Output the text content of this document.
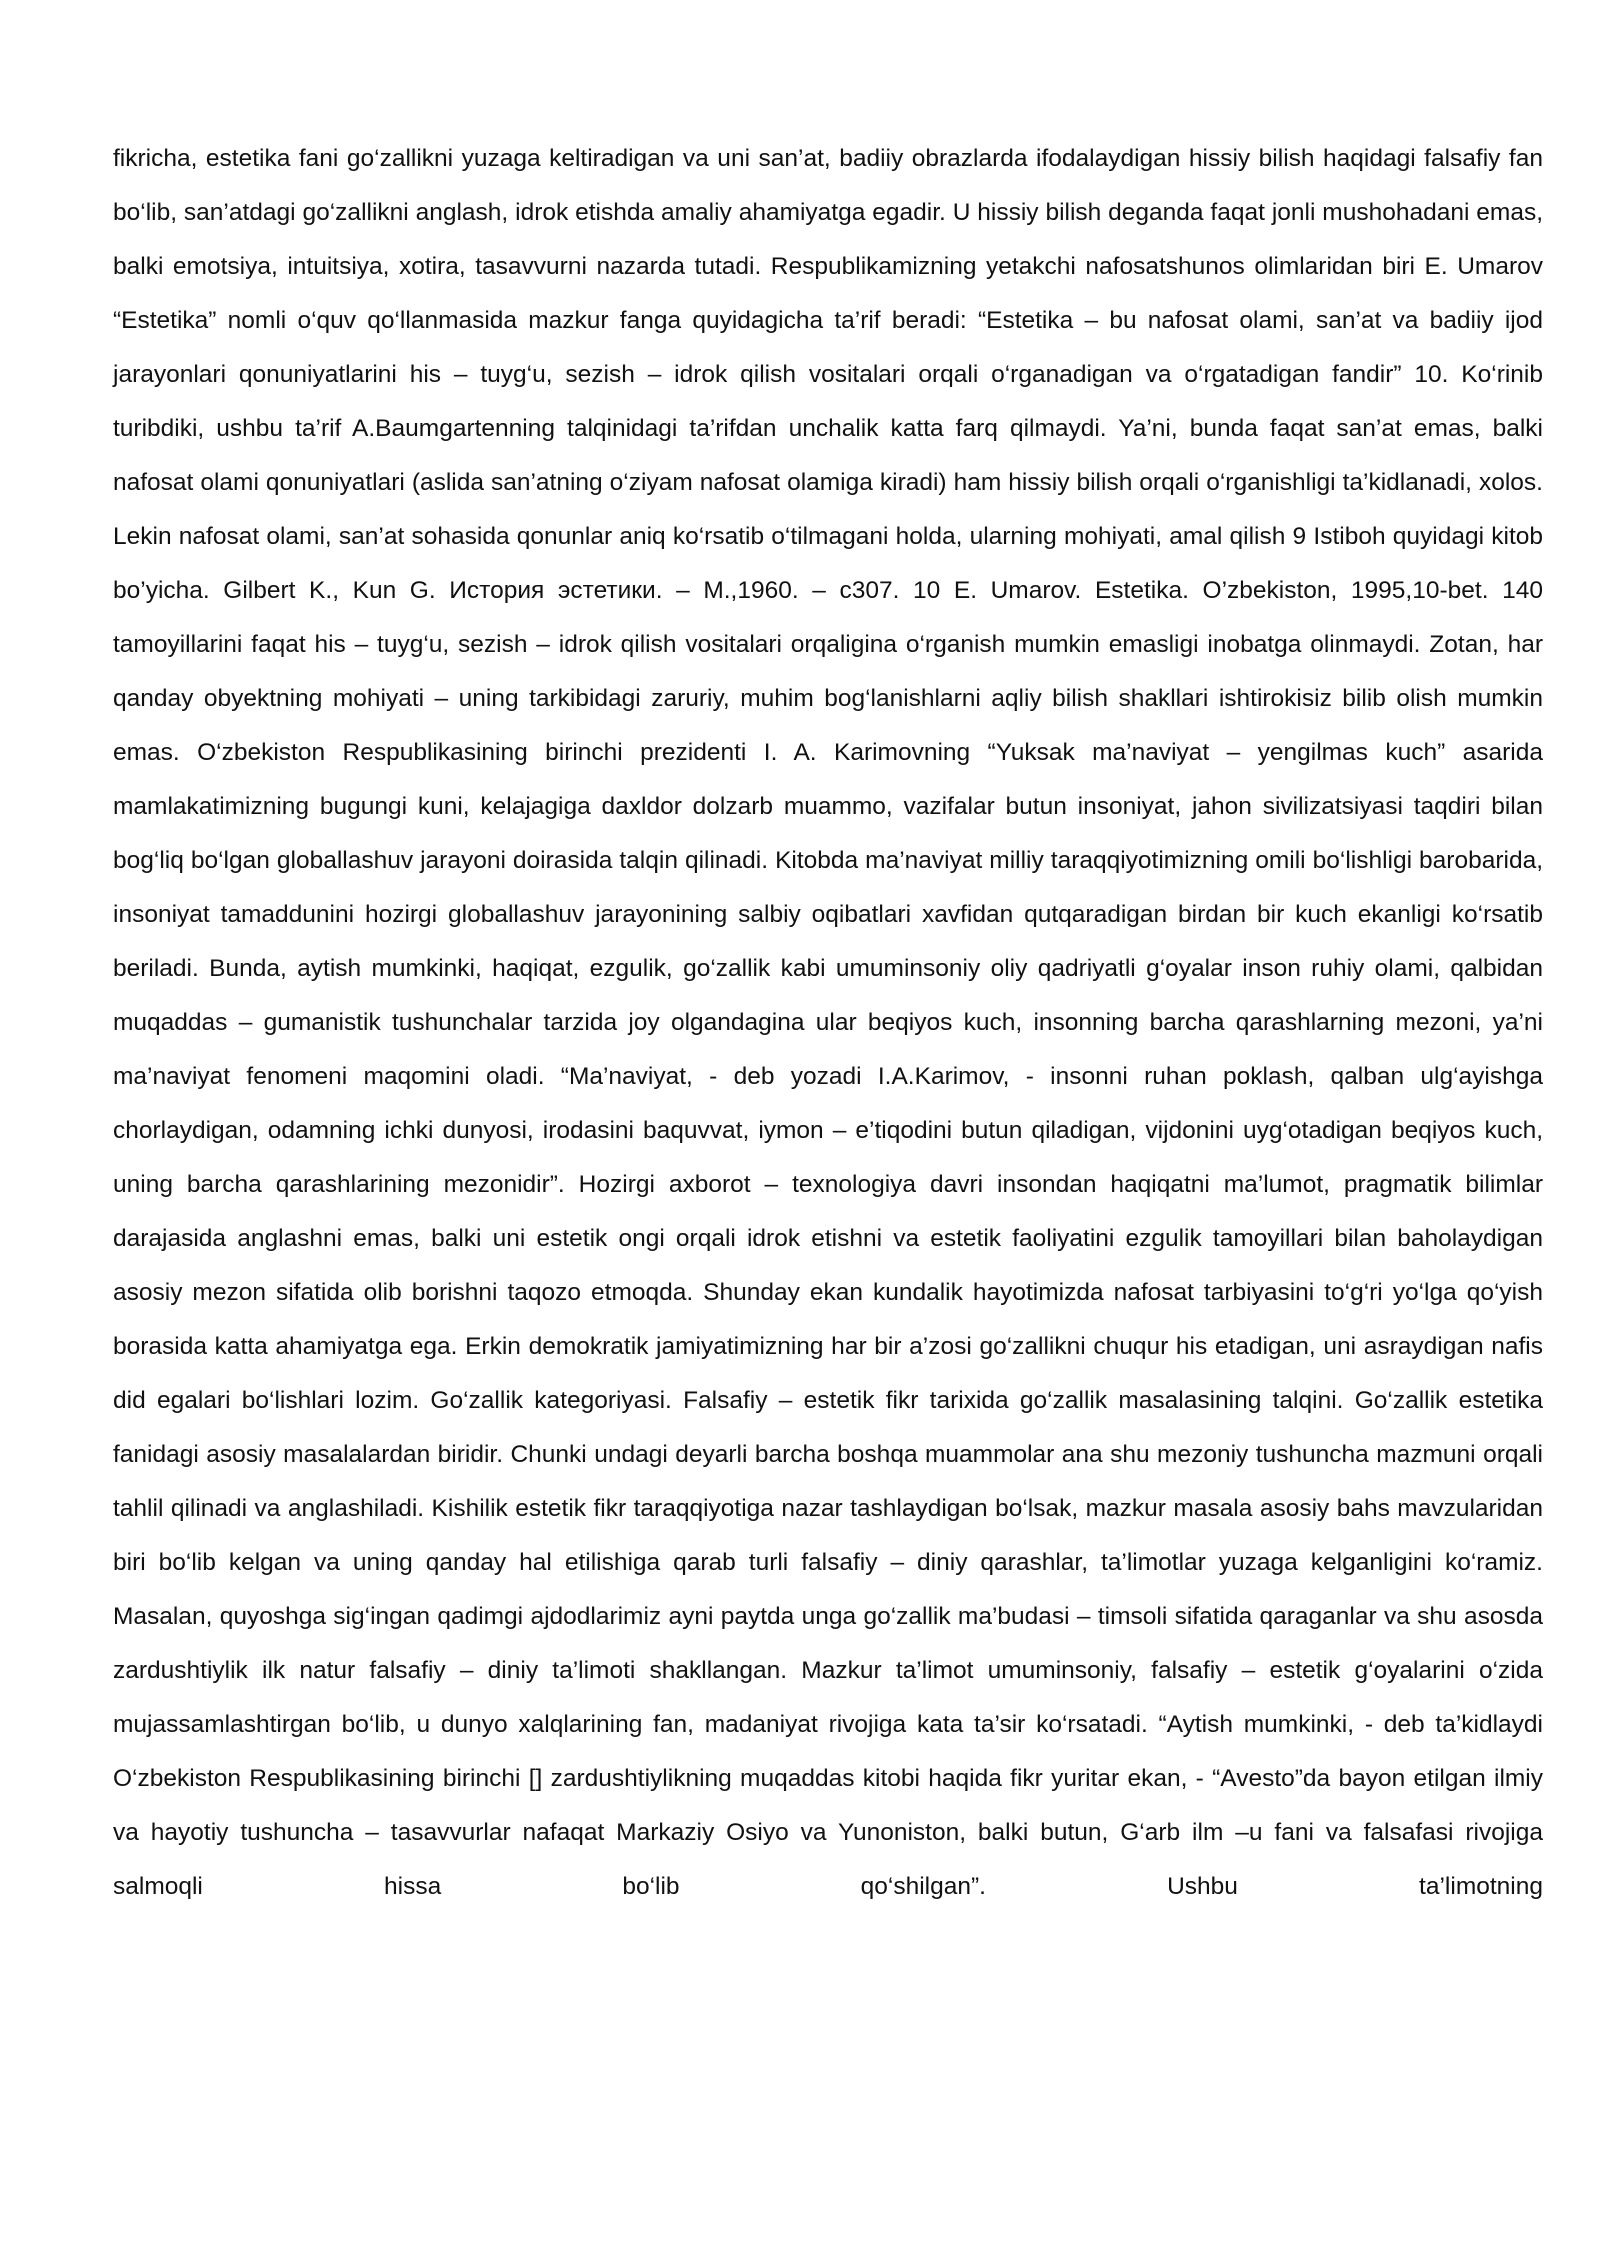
fikricha, estetika fani go‘zallikni yuzaga keltiradigan va uni san’at, badiiy obrazlarda ifodalaydigan hissiy bilish haqidagi falsafiy fan bo‘lib, san’atdagi go‘zallikni anglash, idrok etishda amaliy ahamiyatga egadir. U hissiy bilish deganda faqat jonli mushohadani emas, balki emotsiya, intuitsiya, xotira, tasavvurni nazarda tutadi. Respublikamizning yetakchi nafosatshunos olimlaridan biri E. Umarov “Estetika” nomli o‘quv qo‘llanmasida mazkur fanga quyidagicha ta’rif beradi: “Estetika – bu nafosat olami, san’at va badiiy ijod jarayonlari qonuniyatlarini his – tuyg‘u, sezish – idrok qilish vositalari orqali o‘rganadigan va o‘rgatadigan fandir” 10. Ko‘rinib turibdiki, ushbu ta’rif A.Baumgartenning talqinidagi ta’rifdan unchalik katta farq qilmaydi. Ya’ni, bunda faqat san’at emas, balki nafosat olami qonuniyatlari (aslida san’atning o‘ziyam nafosat olamiga kiradi) ham hissiy bilish orqali o‘rganishligi ta’kidlanadi, xolos. Lekin nafosat olami, san’at sohasida qonunlar aniq ko‘rsatib o‘tilmagani holda, ularning mohiyati, amal qilish 9 Istiboh quyidagi kitob bo’yicha. Gilbert K., Kun G. История эстетики. – М.,1960. – с307. 10 E. Umarov. Estetika. O’zbekiston, 1995,10-bet. 140 tamoyillarini faqat his – tuyg‘u, sezish – idrok qilish vositalari orqaligina o‘rganish mumkin emasligi inobatga olinmaydi. Zotan, har qanday obyektning mohiyati – uning tarkibidagi zaruriy, muhim bog‘lanishlarni aqliy bilish shakllari ishtirokisiz bilib olish mumkin emas. O‘zbekiston Respublikasining birinchi prezidenti I. A. Karimovning “Yuksak ma’naviyat – yengilmas kuch” asarida mamlakatimizning bugungi kuni, kelajagiga daxldor dolzarb muammo, vazifalar butun insoniyat, jahon sivilizatsiyasi taqdiri bilan bog‘liq bo‘lgan globallashuv jarayoni doirasida talqin qilinadi. Kitobda ma’naviyat milliy taraqqiyotimizning omili bo‘lishligi barobarida, insoniyat tamaddunini hozirgi globallashuv jarayonining salbiy oqibatlari xavfidan qutqaradigan birdan bir kuch ekanligi ko‘rsatib beriladi. Bunda, aytish mumkinki, haqiqat, ezgulik, go‘zallik kabi umuminsoniy oliy qadriyatli g‘oyalar inson ruhiy olami, qalbidan muqaddas – gumanistik tushunchalar tarzida joy olgandagina ular beqiyos kuch, insonning barcha qarashlarning mezoni, ya’ni ma’naviyat fenomeni maqomini oladi. “Ma’naviyat, - deb yozadi I.A.Karimov, - insonni ruhan poklash, qalban ulg‘ayishga chorlaydigan, odamning ichki dunyosi, irodasini baquvvat, iymon – e’tiqodini butun qiladigan, vijdonini uyg‘otadigan beqiyos kuch, uning barcha qarashlarining mezonidir”. Hozirgi axborot – texnologiya davri insondan haqiqatni ma’lumot, pragmatik bilimlar darajasida anglashni emas, balki uni estetik ongi orqali idrok etishni va estetik faoliyatini ezgulik tamoyillari bilan baholaydigan asosiy mezon sifatida olib borishni taqozo etmoqda. Shunday ekan kundalik hayotimizda nafosat tarbiyasini to‘g‘ri yo‘lga qo‘yish borasida katta ahamiyatga ega. Erkin demokratik jamiyatimizning har bir a’zosi go‘zallikni chuqur his etadigan, uni asraydigan nafis did egalari bo‘lishlari lozim. Go‘zallik kategoriyasi. Falsafiy – estetik fikr tarixida go‘zallik masalasining talqini. Go‘zallik estetika fanidagi asosiy masalalardan biridir. Chunki undagi deyarli barcha boshqa muammolar ana shu mezoniy tushuncha mazmuni orqali tahlil qilinadi va anglashiladi. Kishilik estetik fikr taraqqiyotiga nazar tashlaydigan bo‘lsak, mazkur masala asosiy bahs mavzularidan biri bo‘lib kelgan va uning qanday hal etilishiga qarab turli falsafiy – diniy qarashlar, ta’limotlar yuzaga kelganligini ko‘ramiz. Masalan, quyoshga sig‘ingan qadimgi ajdodlarimiz ayni paytda unga go‘zallik ma’budasi – timsoli sifatida qaraganlar va shu asosda zardushtiylik ilk natur falsafiy – diniy ta’limoti shakllangan. Mazkur ta’limot umuminsoniy, falsafiy – estetik g‘oyalarini o‘zida mujassamlashtirgan bo‘lib, u dunyo xalqlarining fan, madaniyat rivojiga kata ta’sir ko‘rsatadi. “Aytish mumkinki, - deb ta’kidlaydi O‘zbekiston Respublikasining birinchi [] zardushtiylikning muqaddas kitobi haqida fikr yuritar ekan, - “Avesto”da bayon etilgan ilmiy va hayotiy tushuncha – tasavvurlar nafaqat Markaziy Osiyo va Yunoniston, balki butun, G‘arb ilm –u fani va falsafasi rivojiga salmoqli hissa bo‘lib qo‘shilgan”. Ushbu ta’limotning
